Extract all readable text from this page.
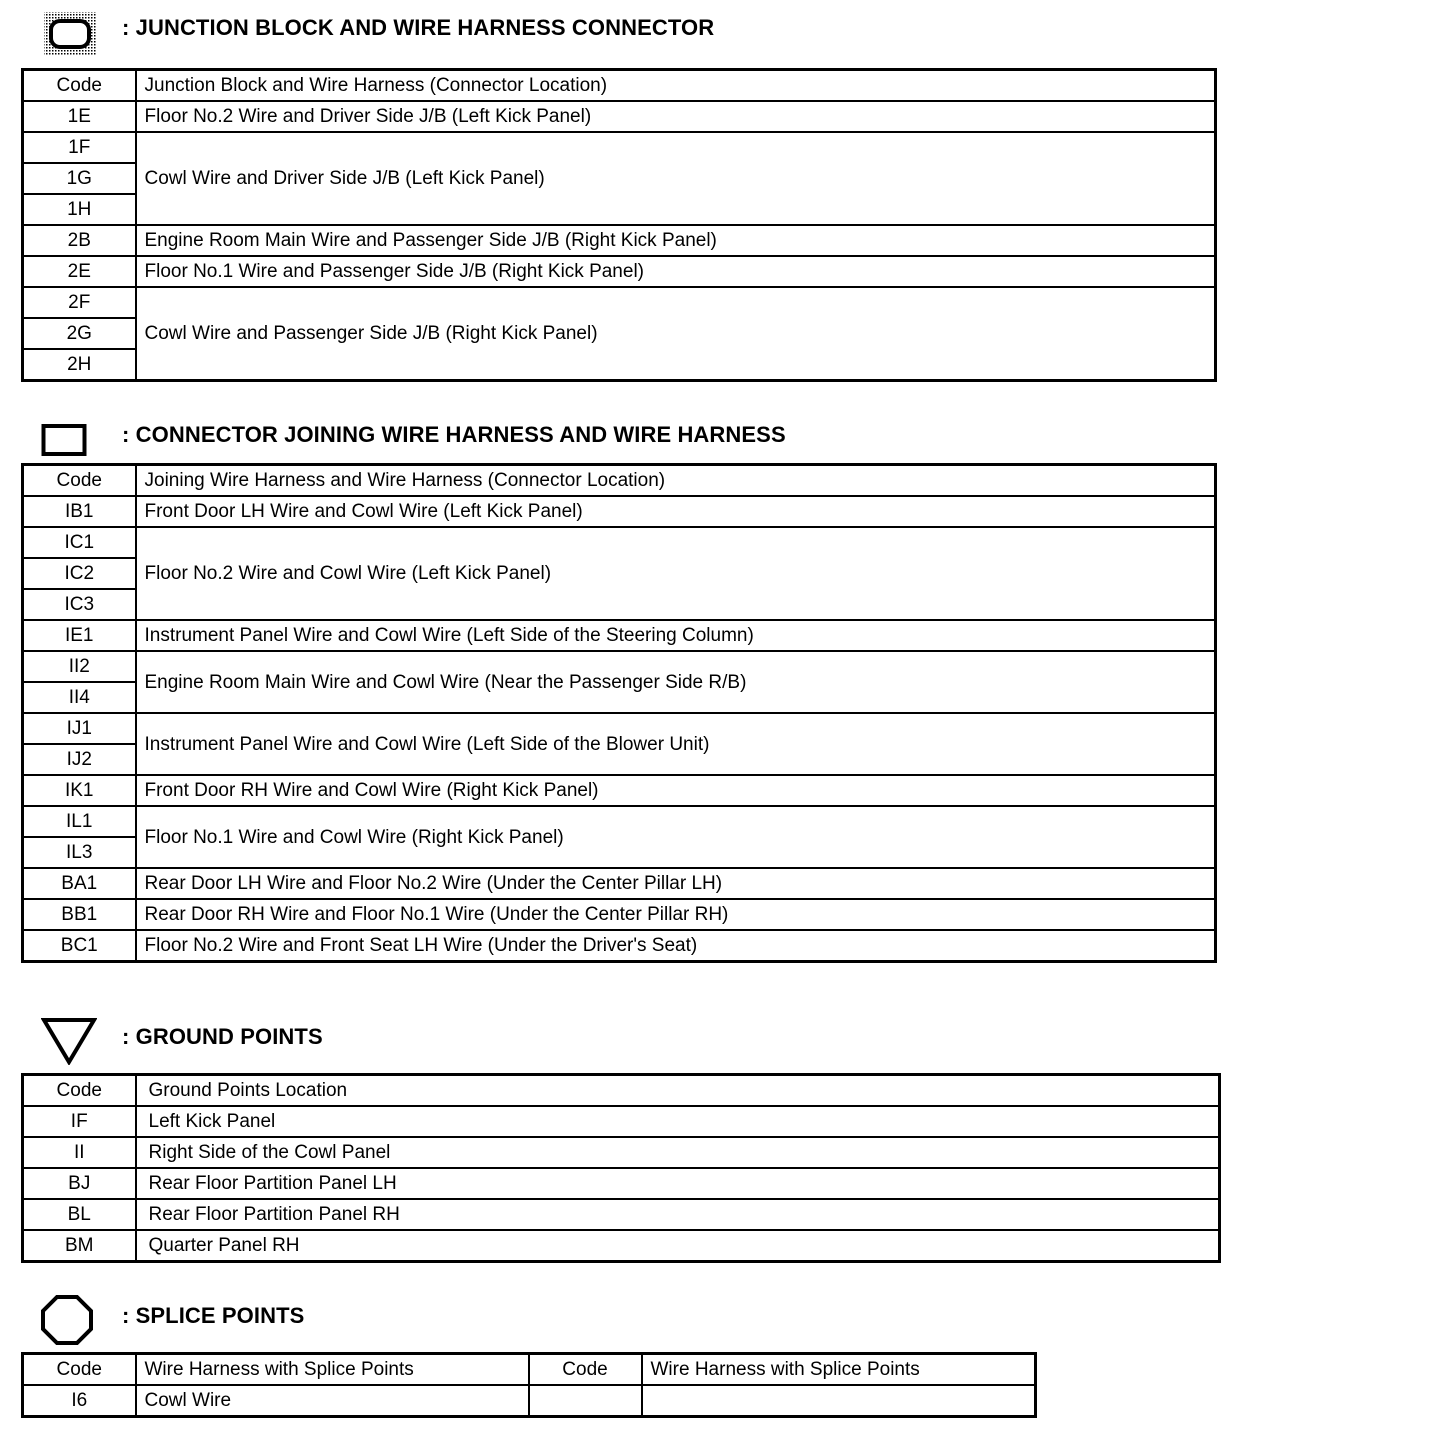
: JUNCTION BLOCK AND WIRE HARNESS CONNECTOR
Code	Junction Block and Wire Harness (Connector Location)
1E	Floor No.2 Wire and Driver Side J/B (Left Kick Panel)
1F	Cowl Wire and Driver Side J/B (Left Kick Panel)
1G	
1H	
2B	Engine Room Main Wire and Passenger Side J/B (Right Kick Panel)
2E	Floor No.1 Wire and Passenger Side J/B (Right Kick Panel)
2F	Cowl Wire and Passenger Side J/B (Right Kick Panel)
2G	
2H	
: CONNECTOR JOINING WIRE HARNESS AND WIRE HARNESS
Code	Joining Wire Harness and Wire Harness (Connector Location)
IB1	Front Door LH Wire and Cowl Wire (Left Kick Panel)
IC1	Floor No.2 Wire and Cowl Wire (Left Kick Panel)
IC2	
IC3	
IE1	Instrument Panel Wire and Cowl Wire (Left Side of the Steering Column)
II2	Engine Room Main Wire and Cowl Wire (Near the Passenger Side R/B)
II4	
IJ1	Instrument Panel Wire and Cowl Wire (Left Side of the Blower Unit)
IJ2	
IK1	Front Door RH Wire and Cowl Wire (Right Kick Panel)
IL1	Floor No.1 Wire and Cowl Wire (Right Kick Panel)
IL3	
BA1	Rear Door LH Wire and Floor No.2 Wire (Under the Center Pillar LH)
BB1	Rear Door RH Wire and Floor No.1 Wire (Under the Center Pillar RH)
BC1	Floor No.2 Wire and Front Seat LH Wire (Under the Driver's Seat)
: GROUND POINTS
Code	Ground Points Location
IF	Left Kick Panel
II	Right Side of the Cowl Panel
BJ	Rear Floor Partition Panel LH
BL	Rear Floor Partition Panel RH
BM	Quarter Panel RH
: SPLICE POINTS
Code	Wire Harness with Splice Points	Code	Wire Harness with Splice Points
I6	Cowl Wire		
